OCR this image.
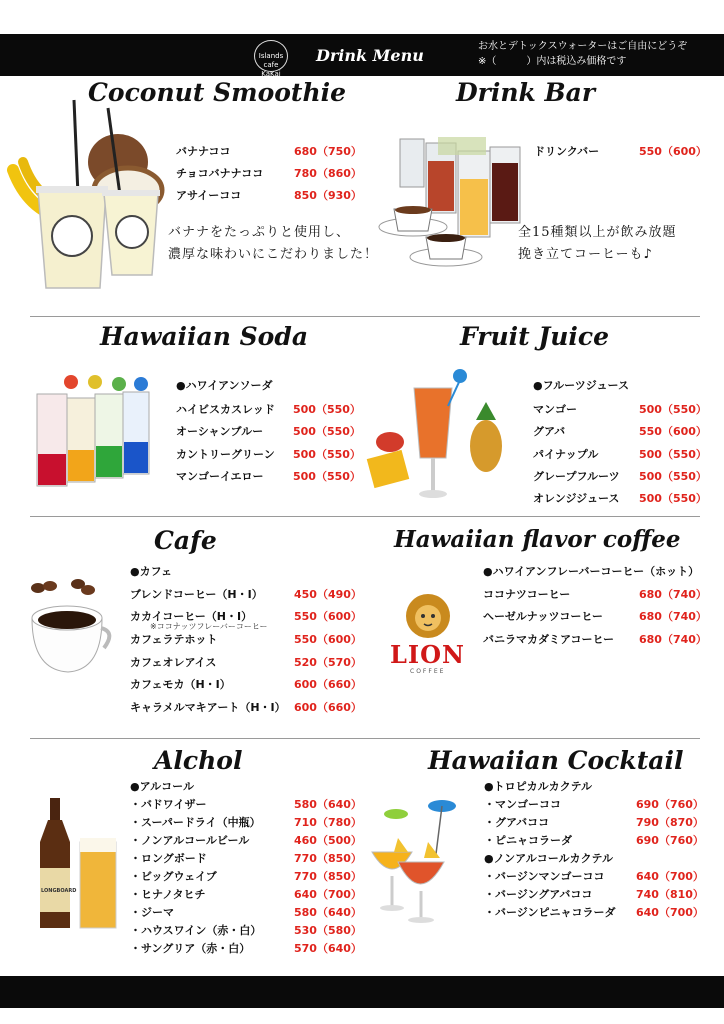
Islands cafe KaKai
Drink Menu	お水とデトックスウォーターはご自由にどうぞ
※（　　　）内は税込み価格です
Coconut Smoothie
バナナココ	680（750）
チョコバナナココ	780（860）
アサイーココ	850（930）
バナナをたっぷりと使用し、
濃厚な味わいにこだわりました！
Drink Bar
ドリンクバー	550（600）
全15種類以上が飲み放題
挽き立てコーヒーも♪
Hawaiian Soda
●ハワイアンソーダ
ハイビスカスレッド 500（550）
オーシャンブルー	500（550）
カントリーグリーン 500（550）
マンゴーイエロー	500（550）
Fruit Juice
●フルーツジュース
マンゴー	500（550）
グアバ	550（600）
パイナップル	500（550）
グレープフルーツ 500（550）
オレンジジュース 500（550）
Cafe
●カフェ
ブレンドコーヒー（H・I）	450（490）
カカイコーヒー（H・I）	550（600）
※ココナッツフレーバーコーヒー
カフェラテホット	550（600）
カフェオレアイス	520（570）
カフェモカ（H・I）	600（660）
キャラメルマキアート（H・I） 600（660）
Hawaiian flavor coffee
LION
COFFEE
●ハワイアンフレーバーコーヒー（ホット）
ココナツコーヒー	680（740）
ヘーゼルナッツコーヒー	680（740）
バニラマカダミアコーヒー 680（740）
Alchol
LONGBOARD
●アルコール
・バドワイザー	580（640）
・スーパードライ（中瓶）	710（780）
・ノンアルコールビール	460（500）
・ロングボード	770（850）
・ビッグウェイブ	770（850）
・ヒナノタヒチ	640（700）
・ジーマ	580（640）
・ハウスワイン（赤・白）	530（580）
・サングリア（赤・白）	570（640）
Hawaiian Cocktail
●トロピカルカクテル
・マンゴーココ	690（760）
・グアバココ	790（870）
・ピニャコラーダ	690（760）
●ノンアルコールカクテル
・バージンマンゴーココ	640（700）
・バージングアバココ	740（810）
・バージンピニャコラーダ 640（700）
